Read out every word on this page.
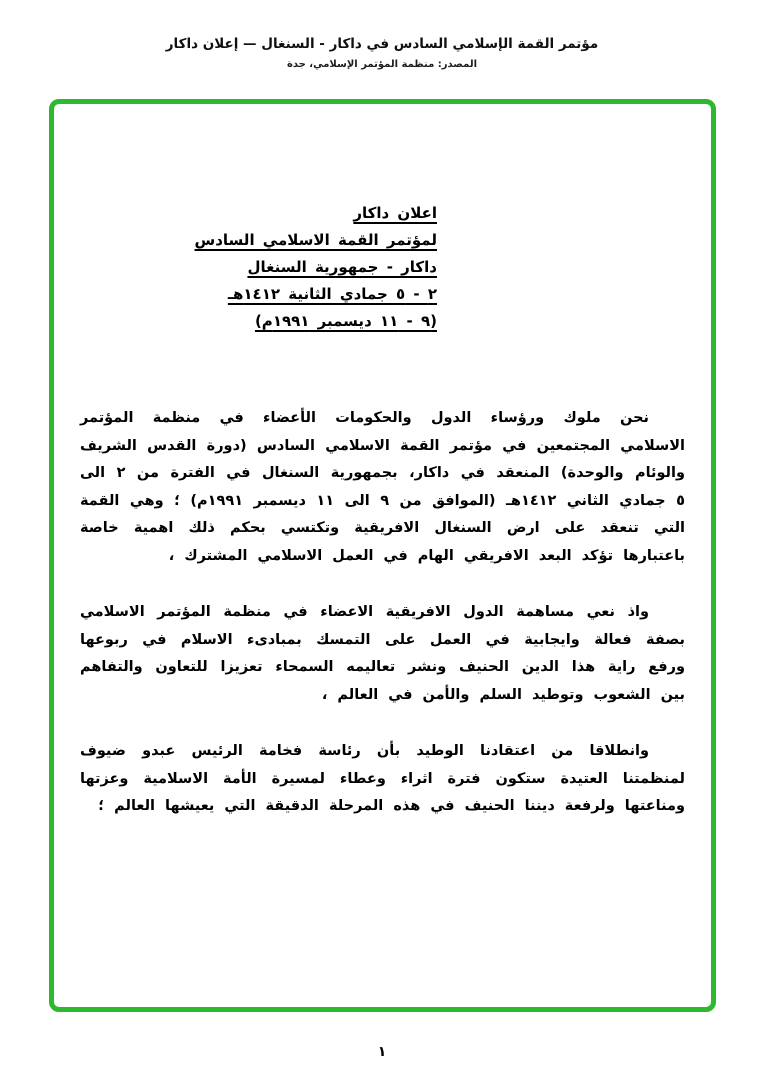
مؤتمر القمة الإسلامي السادس في داكار - السنغال — إعلان داكار
المصدر: منظمة المؤتمر الإسلامي، جدة
اعلان داكار
لمؤتمر القمة الاسلامي السادس
داكار - جمهورية السنغال
٢ - ٥ جمادي الثانية ١٤١٢هـ
(٩ - ١١ ديسمبر ١٩٩١م)

نحن ملوك ورؤساء الدول والحكومات الأعضاء في منظمة المؤتمر الاسلامي المجتمعين في مؤتمر القمة الاسلامي السادس (دورة القدس الشريف والوئام والوحدة) المنعقد في داكار، بجمهورية السنغال في الفترة من ٢ الى ٥ جمادي الثاني ١٤١٢هـ (الموافق من ٩ الى ١١ ديسمبر ١٩٩١م) ؛ وهي القمة التي تنعقد على ارض السنغال الافريقية وتكتسي بحكم ذلك اهمية خاصة باعتبارها تؤكد البعد الافريقي الهام في العمل الاسلامي المشترك ،

واذ نعي مساهمة الدول الافريقية الاعضاء في منظمة المؤتمر الاسلامي بصفة فعالة وايجابية في العمل على التمسك بمبادىء الاسلام في ربوعها ورفع راية هذا الدين الحنيف ونشر تعاليمه السمحاء تعزيزا للتعاون والتفاهم بين الشعوب وتوطيد السلم والأمن في العالم ،

وانطلاقا من اعتقادنا الوطيد بأن رئاسة فخامة الرئيس عبدو ضيوف لمنظمتنا العتيدة ستكون فترة اثراء وعطاء لمسيرة الأمة الاسلامية وعزتها ومناعتها ولرفعة ديننا الحنيف في هذه المرحلة الدقيقة التي يعيشها العالم ؛

١
